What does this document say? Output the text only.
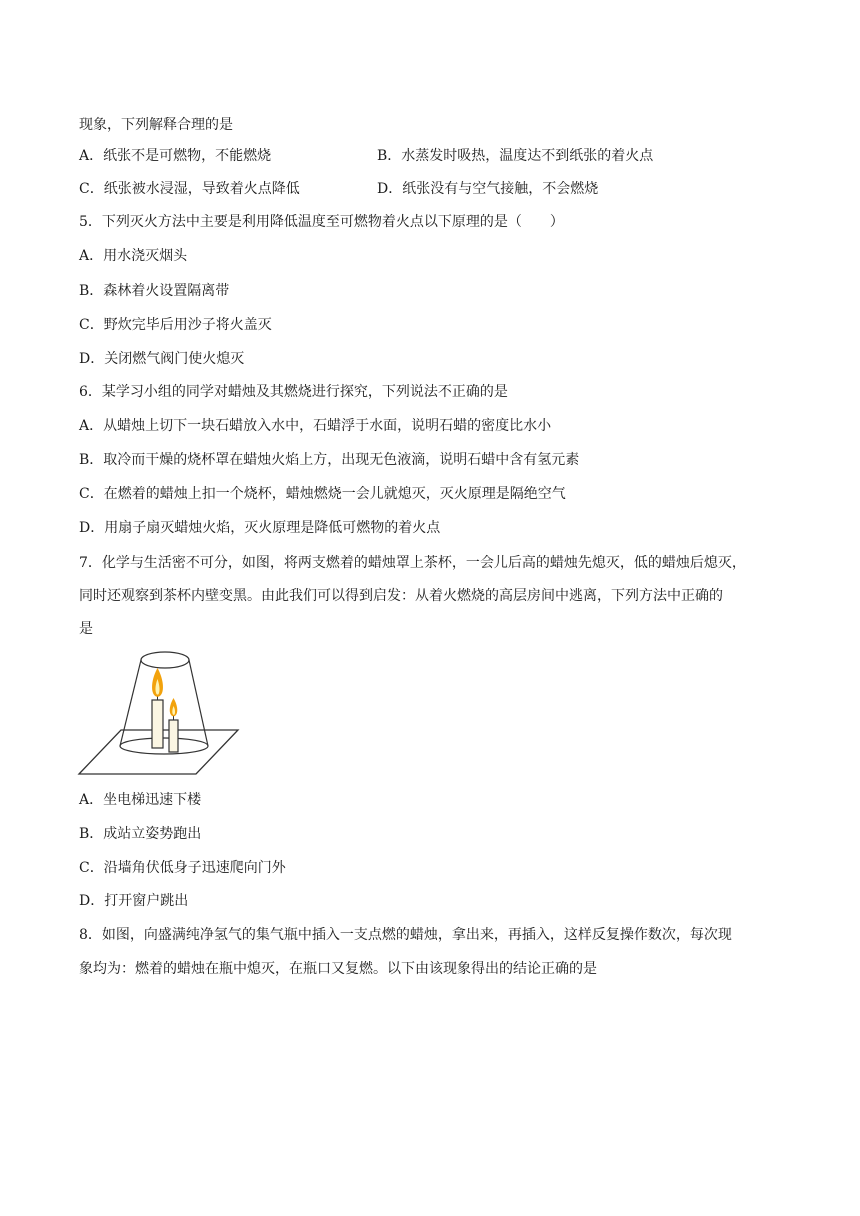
现象，下列解释合理的是
A．纸张不是可燃物，不能燃烧	B．水蒸发时吸热，温度达不到纸张的着火点
C．纸张被水浸湿，导致着火点降低	D．纸张没有与空气接触，不会燃烧
5．下列灭火方法中主要是利用降低温度至可燃物着火点以下原理的是（　　）
A．用水浇灭烟头
B．森林着火设置隔离带
C．野炊完毕后用沙子将火盖灭
D．关闭燃气阀门使火熄灭
6．某学习小组的同学对蜡烛及其燃烧进行探究，下列说法不正确的是
A．从蜡烛上切下一块石蜡放入水中，石蜡浮于水面，说明石蜡的密度比水小
B．取冷而干燥的烧杯罩在蜡烛火焰上方，出现无色液滴，说明石蜡中含有氢元素
C．在燃着的蜡烛上扣一个烧杯，蜡烛燃烧一会儿就熄灭，灭火原理是隔绝空气
D．用扇子扇灭蜡烛火焰，灭火原理是降低可燃物的着火点
7．化学与生活密不可分，如图，将两支燃着的蜡烛罩上茶杯，一会儿后高的蜡烛先熄灭，低的蜡烛后熄灭，
同时还观察到茶杯内壁变黑。由此我们可以得到启发：从着火燃烧的高层房间中逃离，下列方法中正确的
是
A．坐电梯迅速下楼
B．成站立姿势跑出
C．沿墙角伏低身子迅速爬向门外
D．打开窗户跳出
8．如图，向盛满纯净氢气的集气瓶中插入一支点燃的蜡烛，拿出来，再插入，这样反复操作数次，每次现
象均为：燃着的蜡烛在瓶中熄灭，在瓶口又复燃。以下由该现象得出的结论正确的是
